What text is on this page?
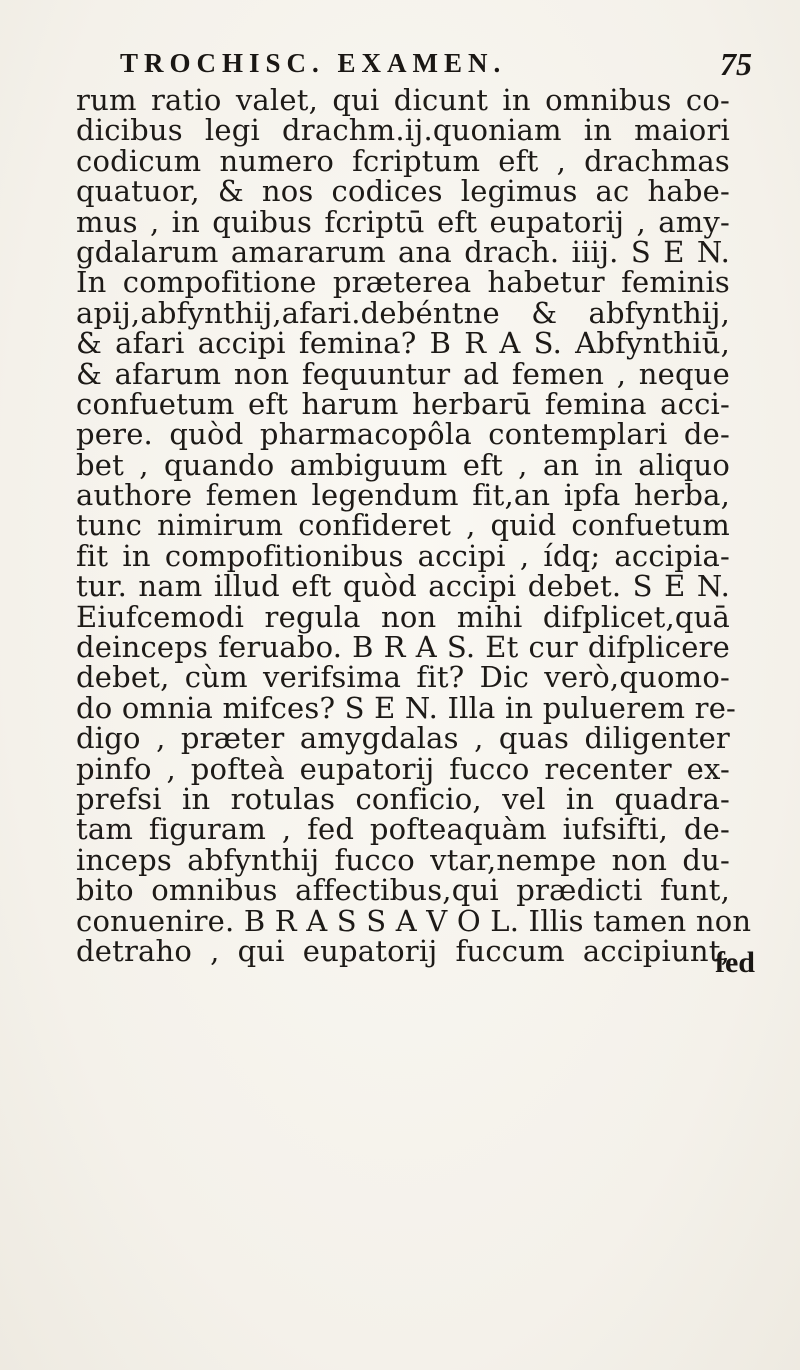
TROCHISC. EXAMEN.	75
rum ratio valet, qui dicunt in omnibus co-
dicibus legi drachm.ij.quoniam in maiori
codicum numero fcriptum eft , drachmas
quatuor, & nos codices legimus ac habe-
mus , in quibus fcriptū eft eupatorij , amy-
gdalarum amararum ana drach. iiij. S E N.
In compofitione præterea habetur feminis
apij,abfynthij,afari.debéntne & abfynthij,
& afari accipi femina? B R A S. Abfynthiū,
& afarum non fequuntur ad femen , neque
confuetum eft harum herbarū femina acci-
pere. quòd pharmacopôla contemplari de-
bet , quando ambiguum eft , an in aliquo
authore femen legendum fit,an ipfa herba,
tunc nimirum confideret , quid confuetum
fit in compofitionibus accipi , ídq; accipia-
tur. nam illud eft quòd accipi debet. S E N.
Eiufcemodi regula non mihi difplicet,quā
deinceps feruabo. B R A S. Et cur difplicere
debet, cùm verifsima fit? Dic verò,quomo-
do omnia mifces? S E N. Illa in puluerem re-
digo , præter amygdalas , quas diligenter
pinfo , pofteà eupatorij fucco recenter ex-
prefsi in rotulas conficio, vel in quadra-
tam figuram , fed pofteaquàm iufsifti, de-
inceps abfynthij fucco vtar,nempe non du-
bito omnibus affectibus,qui prædicti funt,
conuenire. B R A S S A V O L. Illis tamen non
detraho , qui eupatorij fuccum accipiunt,
fed
